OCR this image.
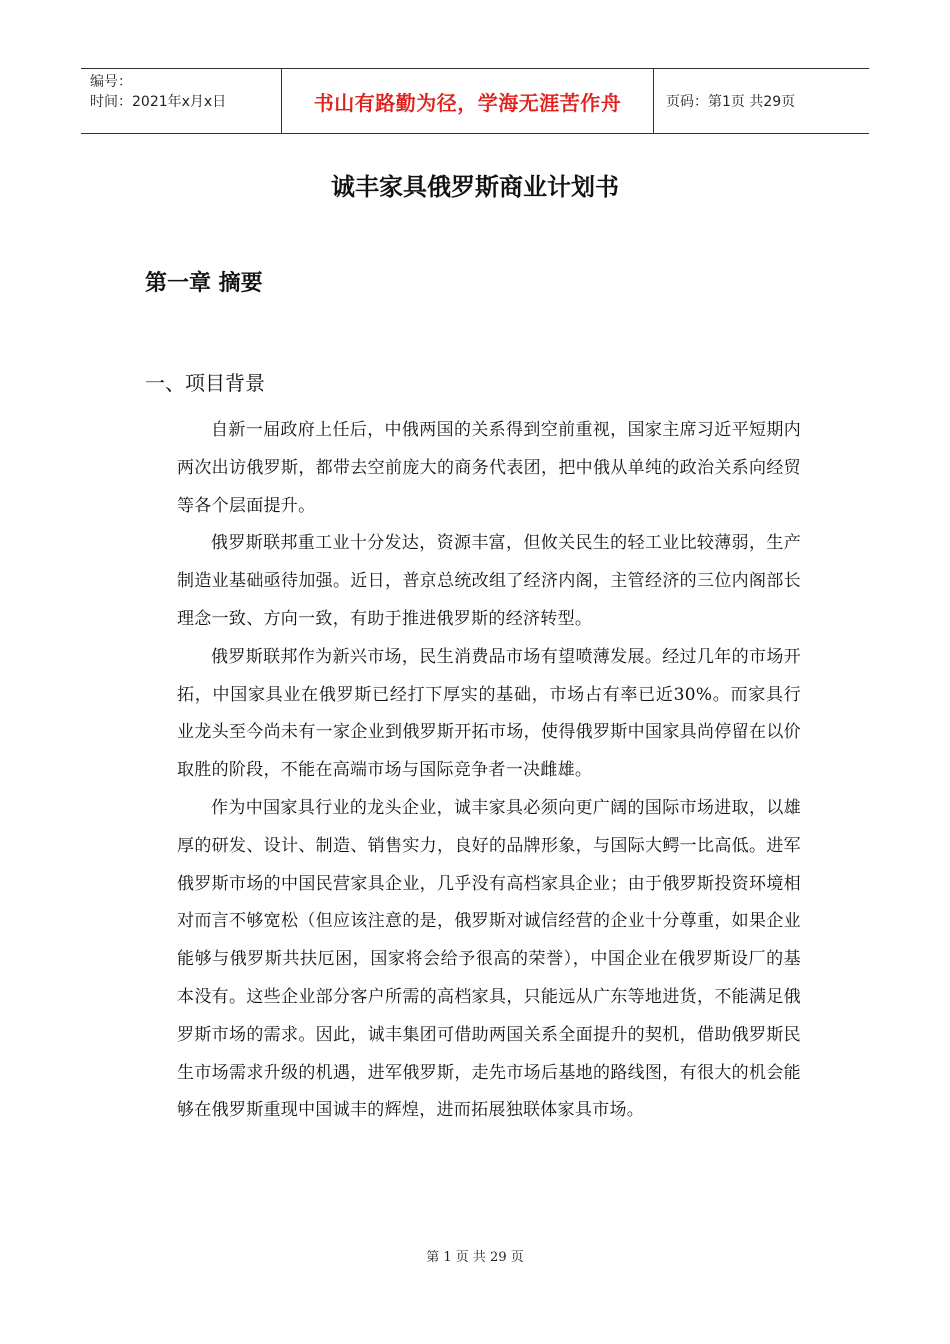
编号：
时间：2021年x月x日	书山有路勤为径，学海无涯苦作舟	页码：第1页 共29页
诚丰家具俄罗斯商业计划书
第一章 摘要
一、项目背景

自新一届政府上任后，中俄两国的关系得到空前重视，国家主席习近平短期内两次出访俄罗斯，都带去空前庞大的商务代表团，把中俄从单纯的政治关系向经贸等各个层面提升。

俄罗斯联邦重工业十分发达，资源丰富，但攸关民生的轻工业比较薄弱，生产制造业基础亟待加强。近日，普京总统改组了经济内阁，主管经济的三位内阁部长理念一致、方向一致，有助于推进俄罗斯的经济转型。

俄罗斯联邦作为新兴市场，民生消费品市场有望喷薄发展。经过几年的市场开拓，中国家具业在俄罗斯已经打下厚实的基础，市场占有率已近30%。而家具行业龙头至今尚未有一家企业到俄罗斯开拓市场，使得俄罗斯中国家具尚停留在以价取胜的阶段，不能在高端市场与国际竞争者一决雌雄。

作为中国家具行业的龙头企业，诚丰家具必须向更广阔的国际市场进取，以雄厚的研发、设计、制造、销售实力，良好的品牌形象，与国际大鳄一比高低。进军俄罗斯市场的中国民营家具企业，几乎没有高档家具企业；由于俄罗斯投资环境相对而言不够宽松（但应该注意的是，俄罗斯对诚信经营的企业十分尊重，如果企业能够与俄罗斯共扶厄困，国家将会给予很高的荣誉），中国企业在俄罗斯设厂的基本没有。这些企业部分客户所需的高档家具，只能远从广东等地进货，不能满足俄罗斯市场的需求。因此，诚丰集团可借助两国关系全面提升的契机，借助俄罗斯民生市场需求升级的机遇，进军俄罗斯，走先市场后基地的路线图，有很大的机会能够在俄罗斯重现中国诚丰的辉煌，进而拓展独联体家具市场。

第 1 页 共 29 页
